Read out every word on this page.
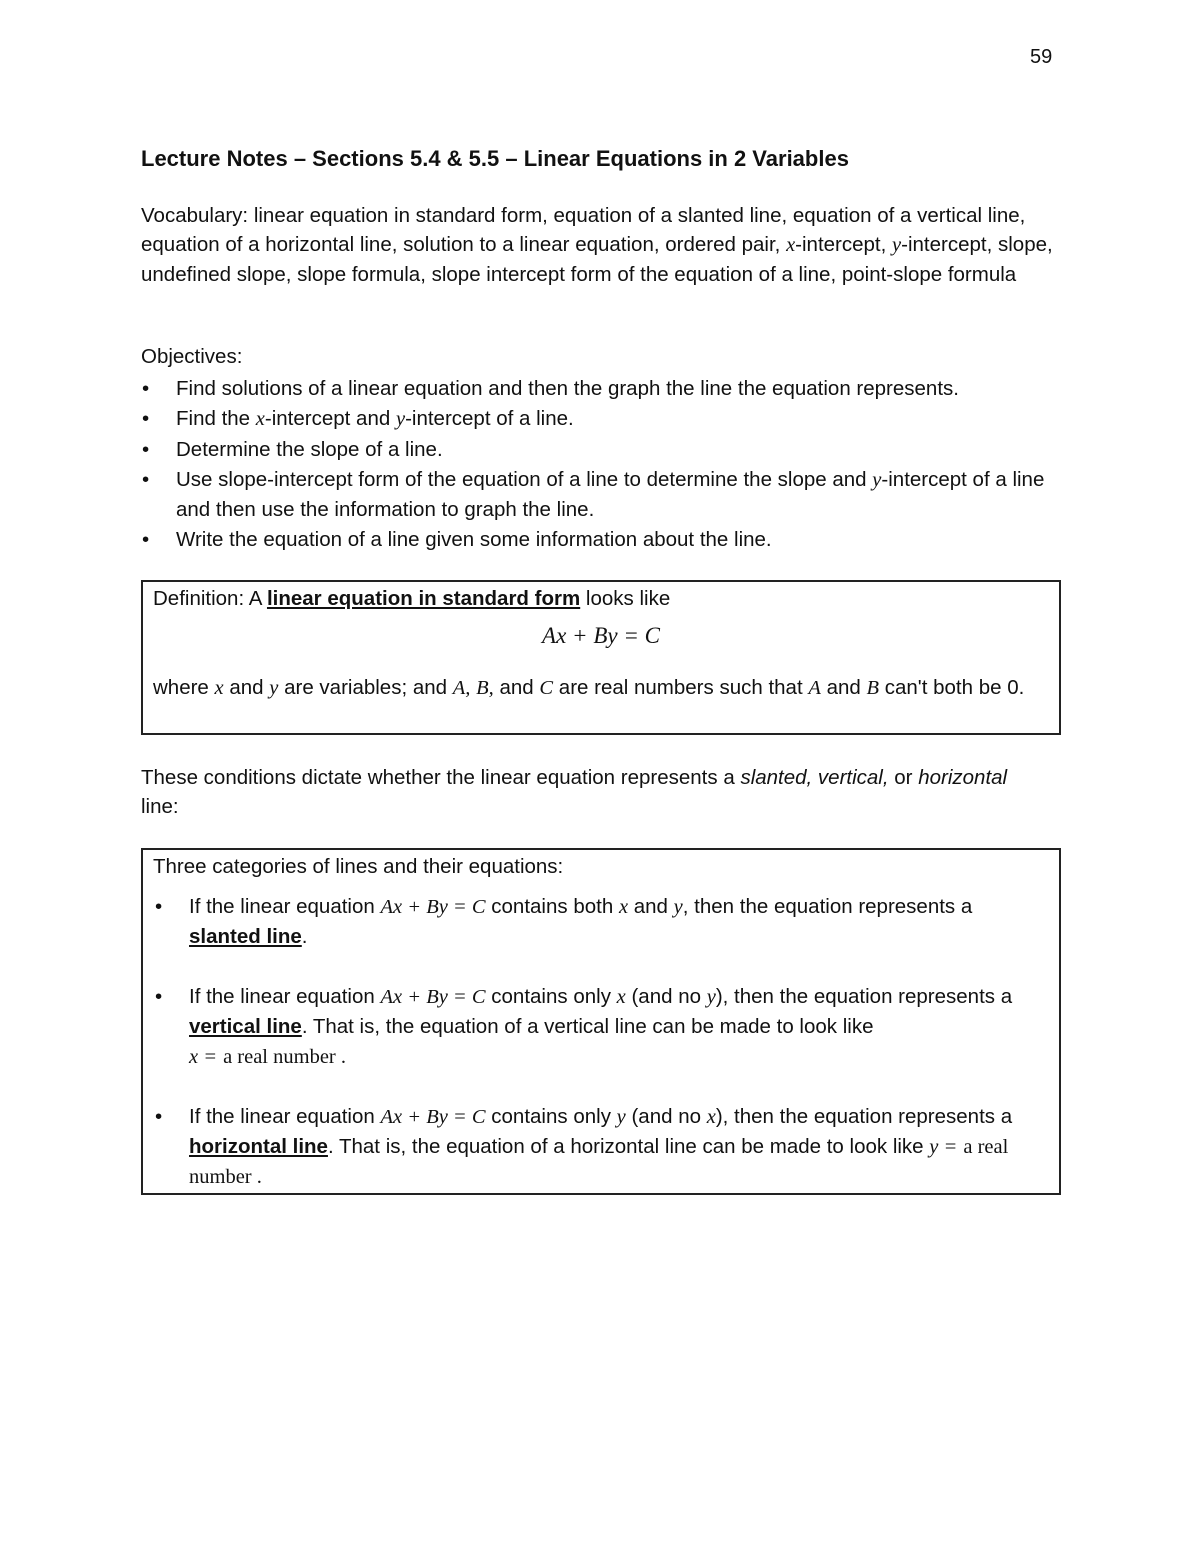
59
Lecture Notes – Sections 5.4 & 5.5 – Linear Equations in 2 Variables
Vocabulary: linear equation in standard form, equation of a slanted line, equation of a vertical line, equation of a horizontal line, solution to a linear equation, ordered pair, x-intercept, y-intercept, slope, undefined slope, slope formula, slope intercept form of the equation of a line, point-slope formula
Objectives:
• Find solutions of a linear equation and then the graph the line the equation represents.
• Find the x-intercept and y-intercept of a line.
• Determine the slope of a line.
• Use slope-intercept form of the equation of a line to determine the slope and y-intercept of a line and then use the information to graph the line.
• Write the equation of a line given some information about the line.
Definition: A linear equation in standard form looks like
Ax + By = C
where x and y are variables; and A, B, and C are real numbers such that A and B can't both be 0.
These conditions dictate whether the linear equation represents a slanted, vertical, or horizontal line:
Three categories of lines and their equations:
• If the linear equation Ax + By = C contains both x and y, then the equation represents a slanted line.
• If the linear equation Ax + By = C contains only x (and no y), then the equation represents a vertical line. That is, the equation of a vertical line can be made to look like
x = a real number .
• If the linear equation Ax + By = C contains only y (and no x), then the equation represents a horizontal line. That is, the equation of a horizontal line can be made to look like y = a real number .
